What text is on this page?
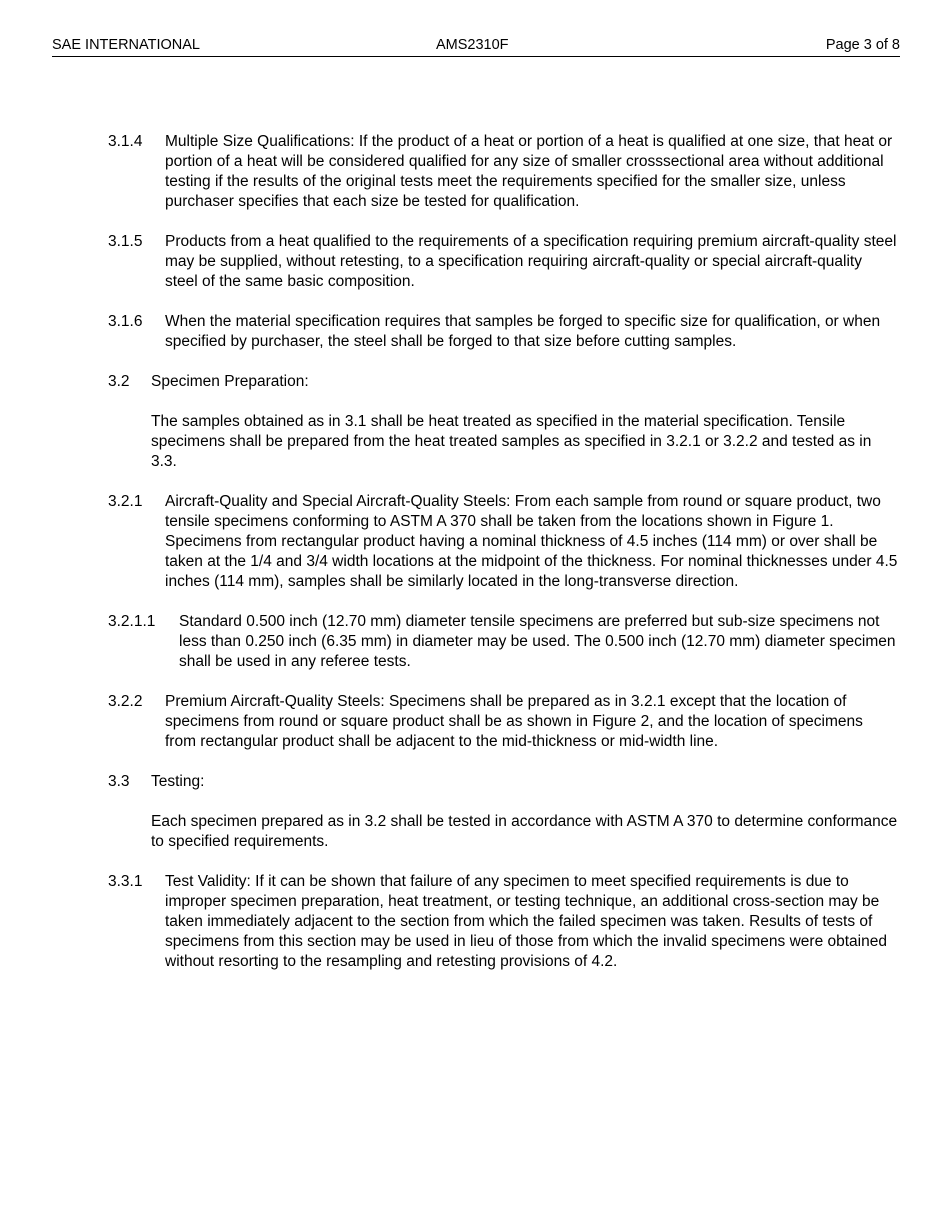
SAE INTERNATIONAL	AMS2310F	Page 3 of 8
3.1.4 Multiple Size Qualifications: If the product of a heat or portion of a heat is qualified at one size, that heat or portion of a heat will be considered qualified for any size of smaller crosssectional area without additional testing if the results of the original tests meet the requirements specified for the smaller size, unless purchaser specifies that each size be tested for qualification.
3.1.5 Products from a heat qualified to the requirements of a specification requiring premium aircraft-quality steel may be supplied, without retesting, to a specification requiring aircraft-quality or special aircraft-quality steel of the same basic composition.
3.1.6 When the material specification requires that samples be forged to specific size for qualification, or when specified by purchaser, the steel shall be forged to that size before cutting samples.
3.2 Specimen Preparation:
The samples obtained as in 3.1 shall be heat treated as specified in the material specification. Tensile specimens shall be prepared from the heat treated samples as specified in 3.2.1 or 3.2.2 and tested as in 3.3.
3.2.1 Aircraft-Quality and Special Aircraft-Quality Steels: From each sample from round or square product, two tensile specimens conforming to ASTM A 370 shall be taken from the locations shown in Figure 1. Specimens from rectangular product having a nominal thickness of 4.5 inches (114 mm) or over shall be taken at the 1/4 and 3/4 width locations at the midpoint of the thickness. For nominal thicknesses under 4.5 inches (114 mm), samples shall be similarly located in the long-transverse direction.
3.2.1.1 Standard 0.500 inch (12.70 mm) diameter tensile specimens are preferred but sub-size specimens not less than 0.250 inch (6.35 mm) in diameter may be used. The 0.500 inch (12.70 mm) diameter specimen shall be used in any referee tests.
3.2.2 Premium Aircraft-Quality Steels: Specimens shall be prepared as in 3.2.1 except that the location of specimens from round or square product shall be as shown in Figure 2, and the location of specimens from rectangular product shall be adjacent to the mid-thickness or mid-width line.
3.3 Testing:
Each specimen prepared as in 3.2 shall be tested in accordance with ASTM A 370 to determine conformance to specified requirements.
3.3.1 Test Validity: If it can be shown that failure of any specimen to meet specified requirements is due to improper specimen preparation, heat treatment, or testing technique, an additional cross-section may be taken immediately adjacent to the section from which the failed specimen was taken. Results of tests of specimens from this section may be used in lieu of those from which the invalid specimens were obtained without resorting to the resampling and retesting provisions of 4.2.
